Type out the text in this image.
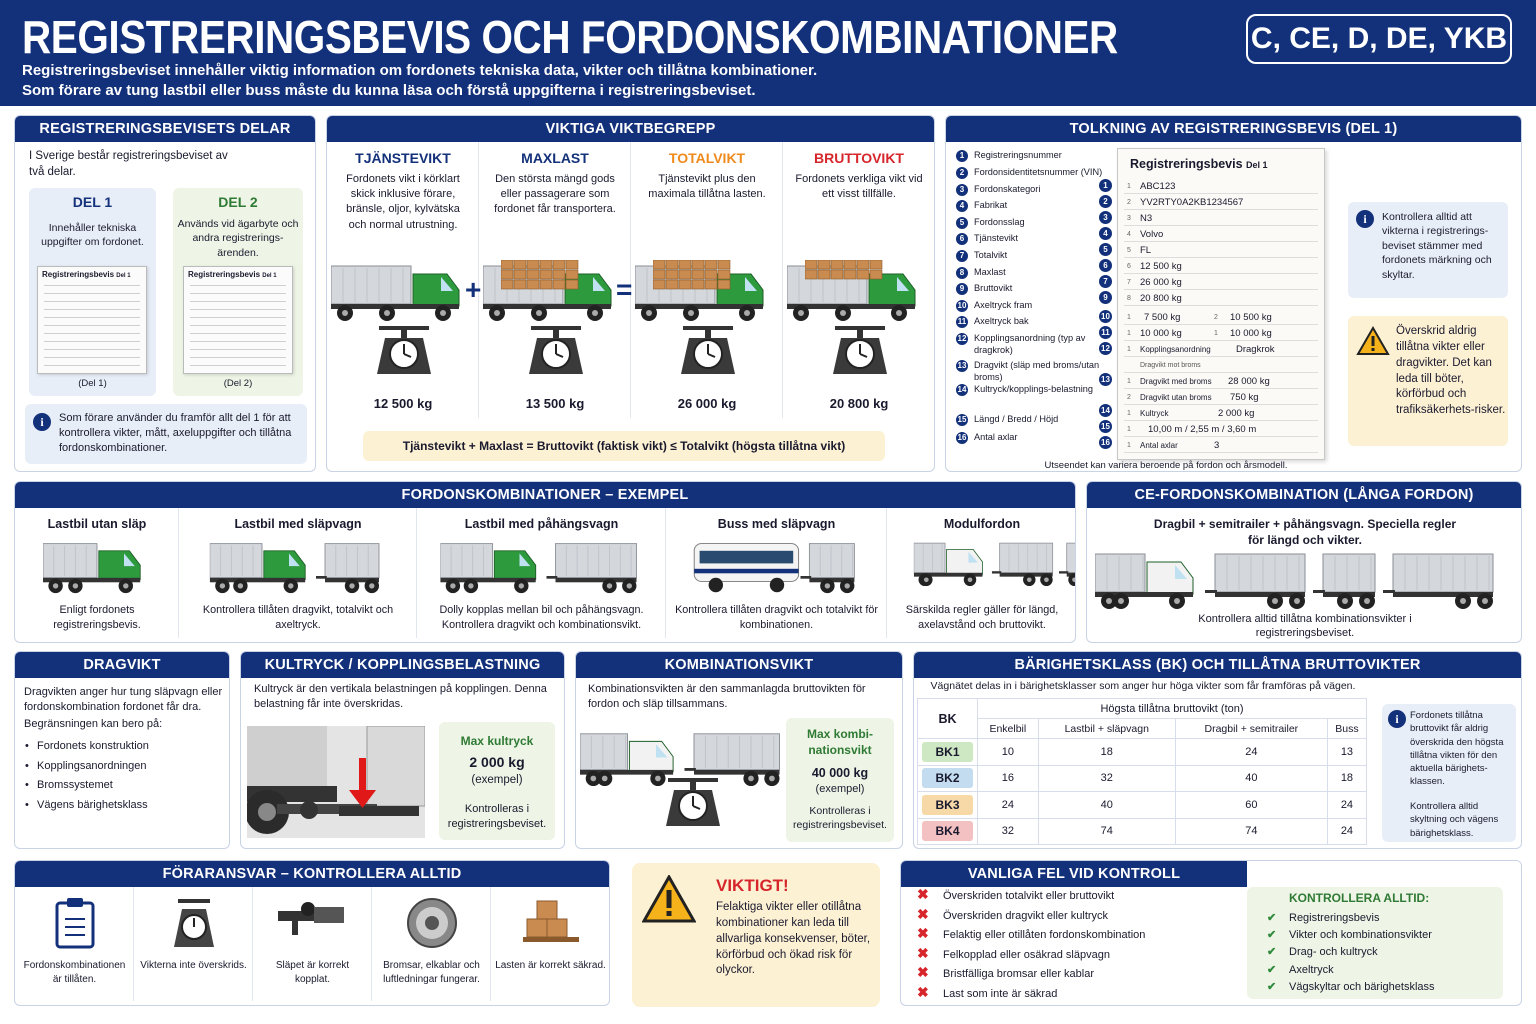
REGISTRERINGSBEVIS OCH FORDONSKOMBINATIONER
Registreringsbeviset innehåller viktig information om fordonets tekniska data, vikter och tillåtna kombinationer.
Som förare av tung lastbil eller buss måste du kunna läsa och förstå uppgifterna i registreringsbeviset.
C, CE, D, DE, YKB
REGISTRERINGSBEVISETS DELAR
I Sverige består registreringsbeviset av två delar.
DEL 1
Innehåller tekniska uppgifter om fordonet.
Registreringsbevis Del 1
(Del 1)
DEL 2
Används vid ägarbyte och andra registrerings-ärenden.
Registreringsbevis Del 1
(Del 2)
i	Som förare använder du framför allt del 1 för att kontrollera vikter, mått, axeluppgifter och tillåtna fordonskombinationer.
VIKTIGA VIKTBEGREPP
TJÄNSTEVIKT
Fordonets vikt i körklart skick inklusive förare, bränsle, oljor, kylvätska och normal utrustning.
12 500 kg
MAXLAST
Den största mängd gods eller passagerare som fordonet får transportera.
13 500 kg
TOTALVIKT
Tjänstevikt plus den maximala tillåtna lasten.
26 000 kg
BRUTTOVIKT
Fordonets verkliga vikt vid ett visst tillfälle.
20 800 kg
+	=
Tjänstevikt + Maxlast = Bruttovikt (faktisk vikt) ≤ Totalvikt (högsta tillåtna vikt)
TOLKNING AV REGISTRERINGSBEVIS (DEL 1)
1	Registreringsnummer
2	Fordonsidentitetsnummer (VIN)
3	Fordonskategori
4	Fabrikat
5	Fordonsslag
6	Tjänstevikt
7	Totalvikt
8	Maxlast
9	Bruttovikt
10 Axeltryck fram
11 Axeltryck bak
12 Kopplingsanordning (typ av dragkrok)
13 Dragvikt (släp med broms/utan broms)
14 Kultryck/kopplings-belastning
15 Längd / Bredd / Höjd
16 Antal axlar
Utseendet kan variera beroende på fordon och årsmodell.
i	Kontrollera alltid att vikterna i registrerings-beviset stämmer med fordonets märkning och skyltar.
Överskrid aldrig tillåtna vikter eller dragvikter. Det kan leda till böter, körförbud och trafiksäkerhets-risker.
Registreringsbevis Del 1
1 ABC123
2 YV2RTY0A2KB1234567
3 N3
4 Volvo
5 FL
6 12 500 kg
7 26 000 kg
8 20 800 kg
1 7 500 kg	2 10 500 kg
1 10 000 kg	1 10 000 kg
1 Kopplingsanordning	Dragkrok
Dragvikt mot broms
1 Dragvikt med broms 28 000 kg
2 Dragvikt utan broms 750 kg
1 Kultryck	2 000 kg
1 10,00 m / 2,55 m / 3,60 m
1 Antal axlar	3
1
2
3
4
5
6
7
9
10
11
12
13
14
15
16
FORDONSKOMBINATIONER – EXEMPEL
Lastbil utan släp
Enligt fordonets registreringsbevis.
Lastbil med släpvagn
Kontrollera tillåten dragvikt, totalvikt och axeltryck.
Lastbil med påhängsvagn
Dolly kopplas mellan bil och påhängsvagn. Kontrollera dragvikt och kombinationsvikt.
Buss med släpvagn
Kontrollera tillåten dragvikt och totalvikt för kombinationen.
Modulfordon
Särskilda regler gäller för längd, axelavstånd och bruttovikt.
CE-FORDONSKOMBINATION (LÅNGA FORDON)
Dragbil + semitrailer + påhängsvagn. Speciella regler för längd och vikter.
Kontrollera alltid tillåtna kombinationsvikter i registreringsbeviset.
DRAGVIKT
Dragvikten anger hur tung släpvagn eller fordonskombination fordonet får dra.
Begränsningen kan bero på:
• Fordonets konstruktion
• Kopplingsanordningen
• Bromssystemet
• Vägens bärighetsklass
KULTRYCK / KOPPLINGSBELASTNING
Kultryck är den vertikala belastningen på kopplingen. Denna belastning får inte överskridas.
Max kultryck
2 000 kg
(exempel)
Kontrolleras i registreringsbeviset.
KOMBINATIONSVIKT
Kombinationsvikten är den sammanlagda bruttovikten för fordon och släp tillsammans.
Max kombi-nationsvikt
40 000 kg
(exempel)
Kontrolleras i registreringsbeviset.
BÄRIGHETSKLASS (BK) OCH TILLÅTNA BRUTTOVIKTER
Vägnätet delas in i bärighetsklasser som anger hur höga vikter som får framföras på vägen.
BK	Högsta tillåtna bruttovikt (ton)			
	Enkelbil	Lastbil + släpvagn	Dragbil + semitrailer	Buss

BK1	10	18	24	13

BK2	16	32	40	18

BK3	24	40	60	24

BK4	32	74	74	24
i	Fordonets tillåtna bruttovikt får aldrig överskrida den högsta tillåtna vikten för den aktuella bärighets-klassen.
Kontrollera alltid skyltning och vägens bärighetsklass.
FÖRARANSVAR – KONTROLLERA ALLTID
Fordonskombinationen är tillåten.
Vikterna inte överskrids.	Släpet är korrekt kopplat.
Bromsar, elkablar och luftledningar fungerar.
Lasten är korrekt säkrad.
VIKTIGT!
Felaktiga vikter eller otillåtna kombinationer kan leda till allvarliga konsekvenser, böter, körförbud och ökad risk för olyckor.
VANLIGA FEL VID KONTROLL
✖ Överskriden totalvikt eller bruttovikt
✖ Överskriden dragvikt eller kultryck
✖ Felaktig eller otillåten fordonskombination
✖ Felkopplad eller osäkrad släpvagn
✖ Bristfälliga bromsar eller kablar
✖ Last som inte är säkrad
KONTROLLERA ALLTID:
✔ Registreringsbevis
✔ Vikter och kombinationsvikter
✔ Drag- och kultryck
✔ Axeltryck
✔ Vägskyltar och bärighetsklass
